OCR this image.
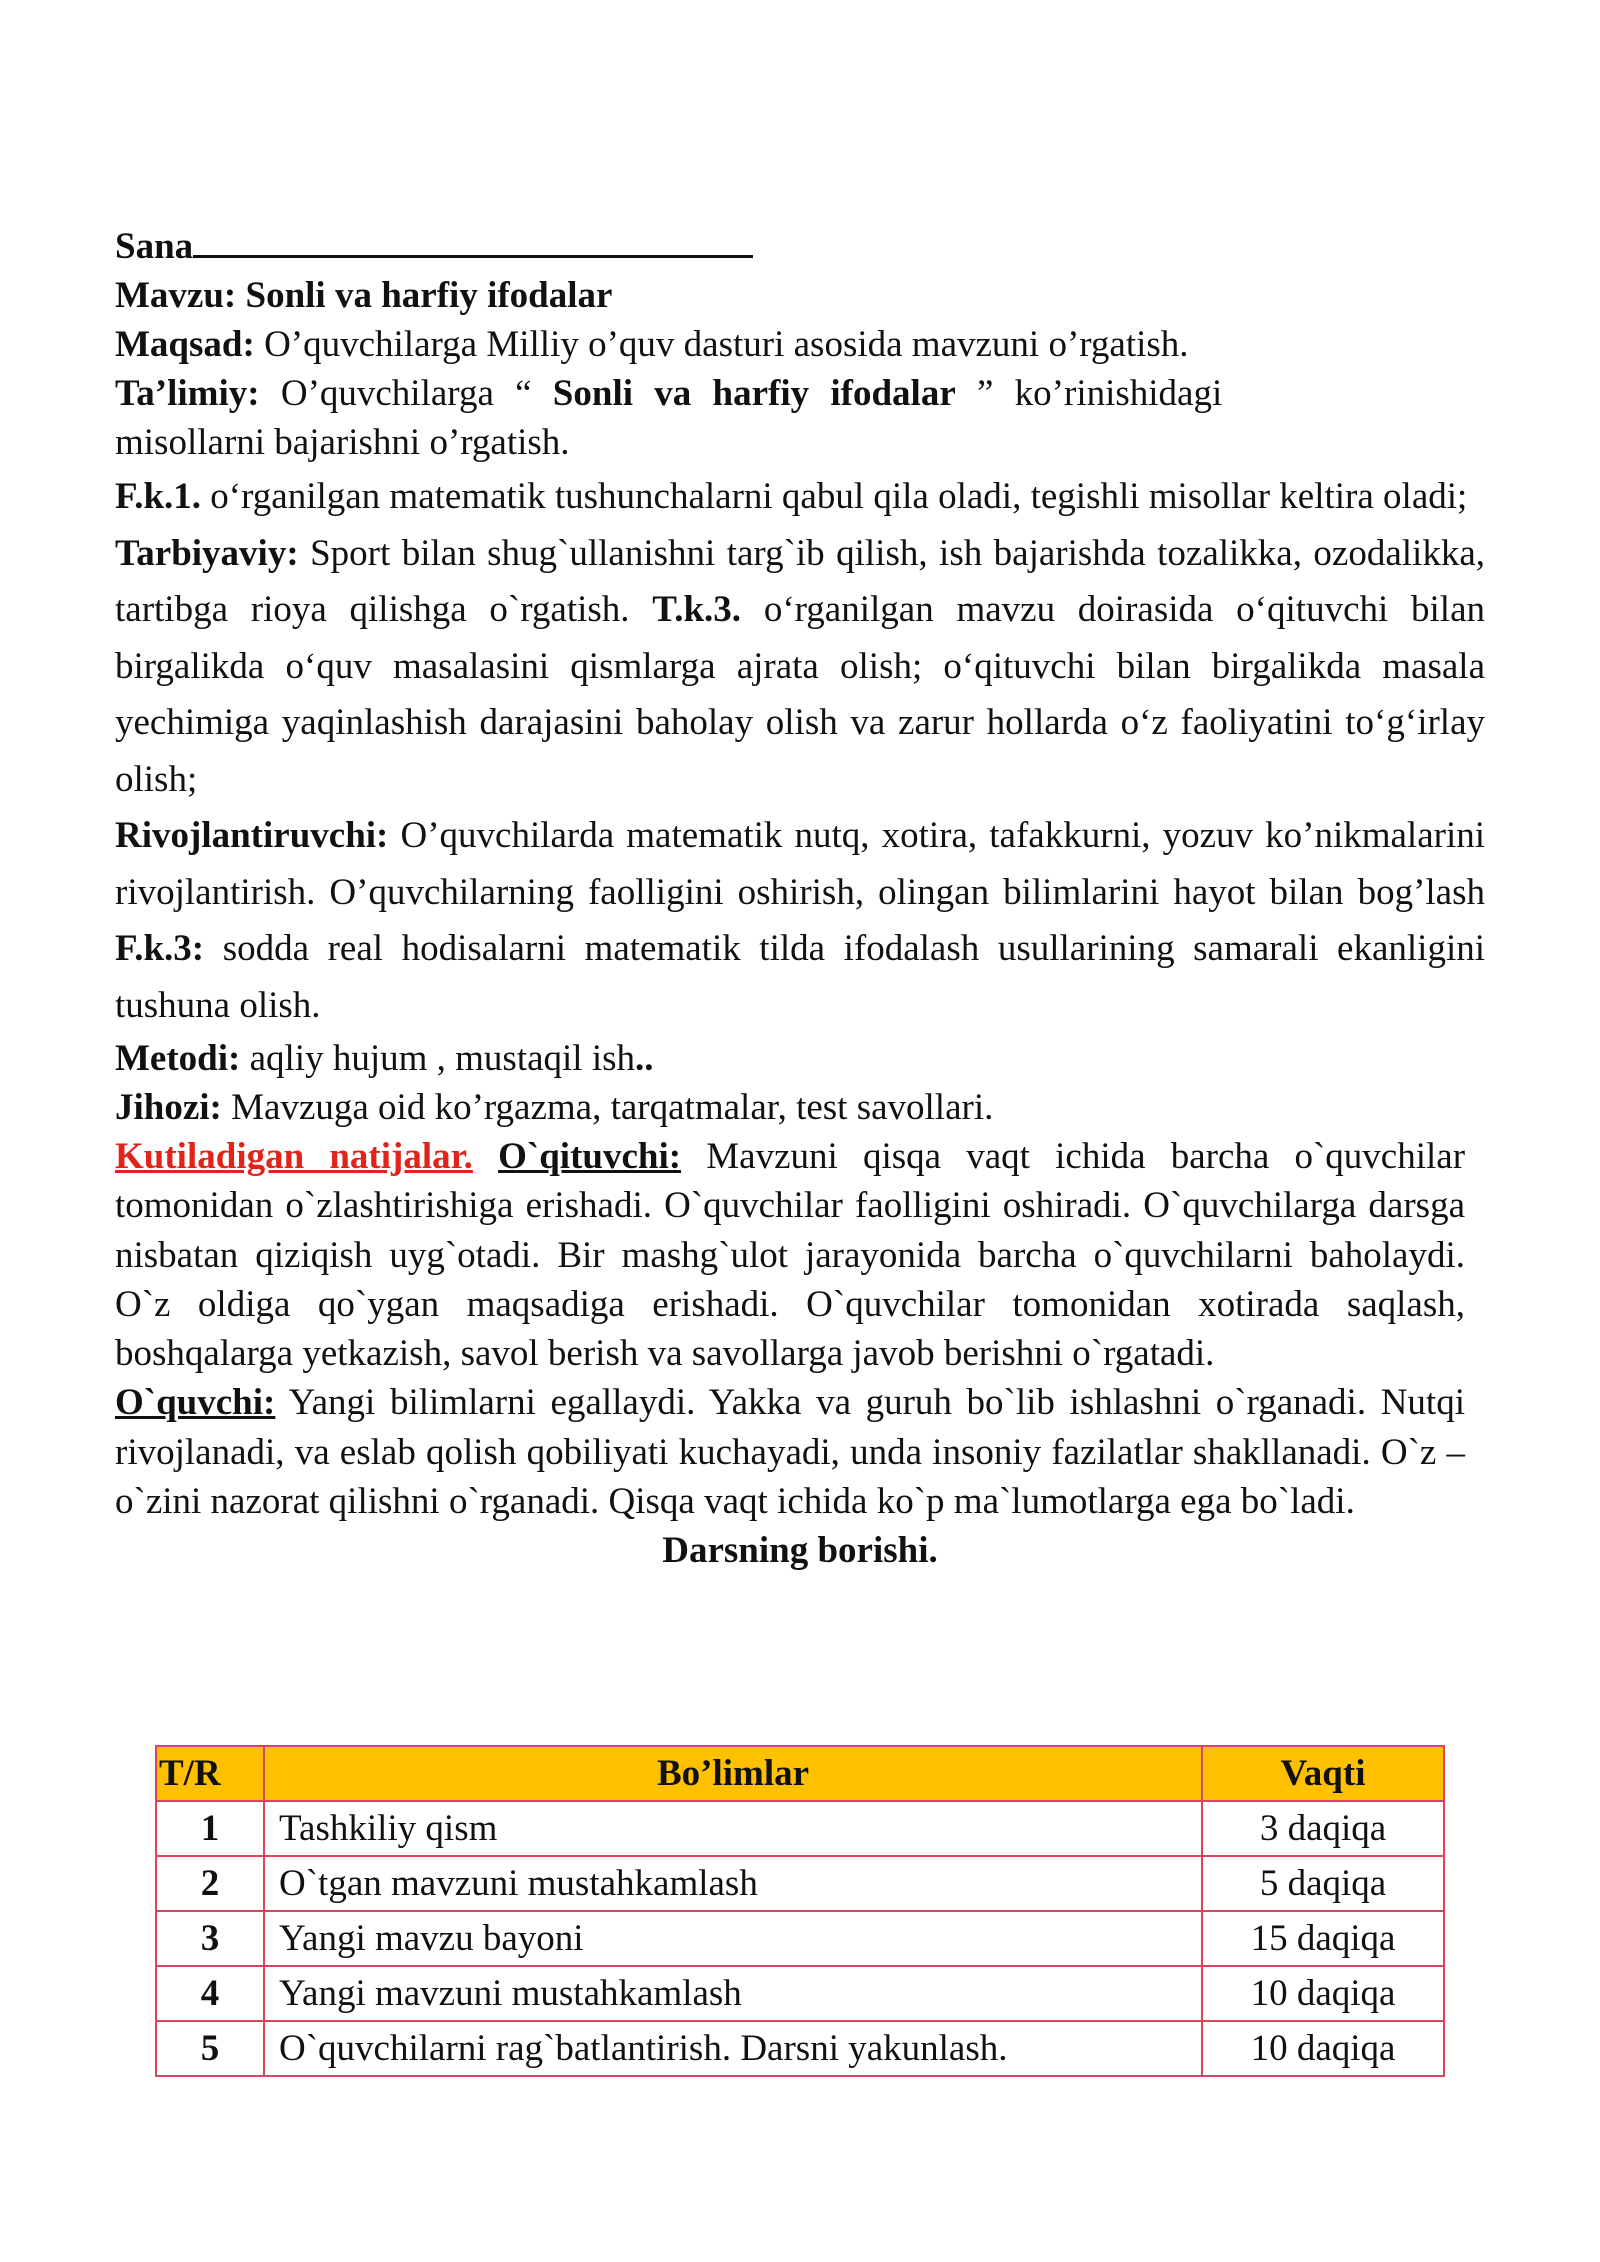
Sana
Mavzu: Sonli va harfiy ifodalar
Maqsad: O’quvchilarga Milliy o’quv dasturi asosida mavzuni o’rgatish.
Ta’limiy: O’quvchilarga “ Sonli va harfiy ifodalar ” ko’rinishidagi
misollarni bajarishni o’rgatish.
F.k.1. o‘rganilgan matematik tushunchalarni qabul qila oladi, tegishli misollar keltira oladi;
Tarbiyaviy: Sport bilan shug`ullanishni targ`ib qilish, ish bajarishda tozalikka, ozodalikka, tartibga rioya qilishga o`rgatish. T.k.3. o‘rganilgan mavzu doirasida o‘qituvchi bilan birgalikda o‘quv masalasini qismlarga ajrata olish; o‘qituvchi bilan birgalikda masala yechimiga yaqinlashish darajasini baholay olish va zarur hollarda o‘z faoliyatini to‘g‘irlay olish;
Rivojlantiruvchi: O’quvchilarda matematik nutq, xotira, tafakkurni, yozuv ko’nikmalarini rivojlantirish. O’quvchilarning faolligini oshirish, olingan bilimlarini hayot bilan bog’lash F.k.3: sodda real hodisalarni matematik tilda ifodalash usullarining samarali ekanligini tushuna olish.
Metodi: aqliy hujum , mustaqil ish..
Jihozi: Mavzuga oid ko’rgazma, tarqatmalar, test savollari.
Kutiladigan natijalar. O`qituvchi: Mavzuni qisqa vaqt ichida barcha o`quvchilar tomonidan o`zlashtirishiga erishadi. O`quvchilar faolligini oshiradi. O`quvchilarga darsga nisbatan qiziqish uyg`otadi. Bir mashg`ulot jarayonida barcha o`quvchilarni baholaydi. O`z oldiga qo`ygan maqsadiga erishadi. O`quvchilar tomonidan xotirada saqlash, boshqalarga yetkazish, savol berish va savollarga javob berishni o`rgatadi.
O`quvchi: Yangi bilimlarni egallaydi. Yakka va guruh bo`lib ishlashni o`rganadi. Nutqi rivojlanadi, va eslab qolish qobiliyati kuchayadi, unda insoniy fazilatlar shakllanadi. O`z – o`zini nazorat qilishni o`rganadi. Qisqa vaqt ichida ko`p ma`lumotlarga ega bo`ladi.
Darsning borishi.
T/R	Bo’limlar	Vaqti
1	Tashkiliy qism	3 daqiqa
2	O`tgan mavzuni mustahkamlash	5 daqiqa
3	Yangi mavzu bayoni	15 daqiqa
4	Yangi mavzuni mustahkamlash	10 daqiqa
5	O`quvchilarni rag`batlantirish. Darsni yakunlash.	10 daqiqa
